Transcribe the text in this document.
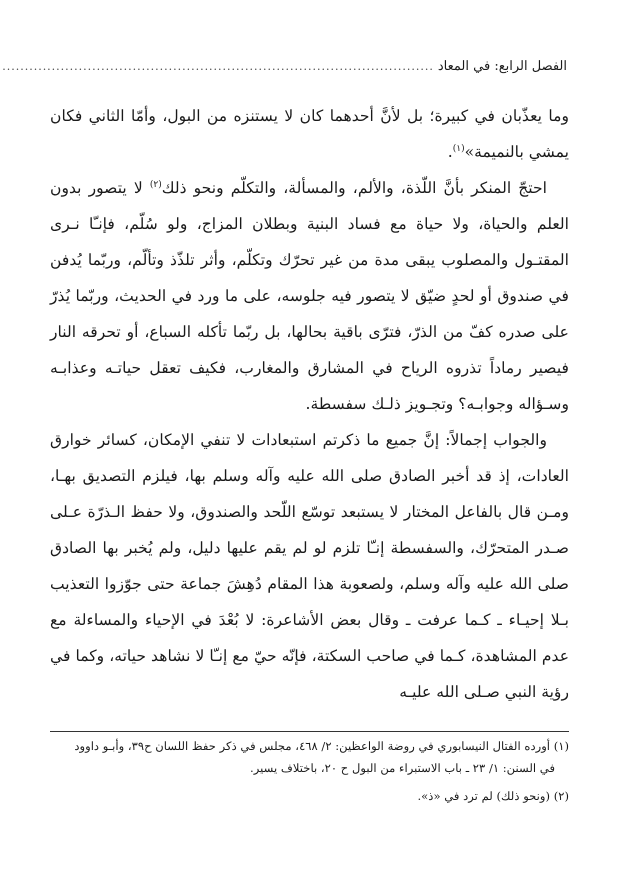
الفصل الرابع: في المعاد
................................................................................................

وما يعذّبان في كبيرة؛ بل لأنَّ أحدهما كان لا يستنزه من البول، وأمّا الثاني فكان يمشي بالنميمة»$^{(١)}$.

احتجّ المنكر بأنَّ اللّذة، والألم، والمسألة، والتكلّم ونحو ذلك$^{(٢)}$ لا يتصور بدون العلم والحياة، ولا حياة مع فساد البنية وبطلان المزاج، ولو سُلّم، فإنـّا نـرى المقتـول والمصلوب يبقى مدة من غير تحرّك وتكلّم، وأثر تلذّذ وتألّم، وربّما يُدفن في صندوق أو لحدٍ ضيّق لا يتصور فيه جلوسه، على ما ورد في الحديث، وربّما يُذرّ على صدره كفّ من الذرّ، فترّى باقية بحالها، بل ربّما تأكله السباع، أو تحرقه النار فيصير رماداً تذروه الرياح في المشارق والمغارب، فكيف تعقل حياتـه وعذابـه وسـؤاله وجوابـه؟ وتجـويز ذلـك سفسطة.

والجواب إجمالاً: إنَّ جميع ما ذكرتم استبعادات لا تنفي الإمكان، كسائر خوارق العادات، إذ قد أخبر الصادق صلى الله عليه وآله وسلم بها، فيلزم التصديق بهـا، ومـن قال بالفاعل المختار لا يستبعد توسّع اللّحد والصندوق، ولا حفظ الـذرّة عـلى صـدر المتحرّك، والسفسطة إنـّا تلزم لو لم يقم عليها دليل، ولم يُخبر بها الصادق صلى الله عليه وآله وسلم، ولصعوبة هذا المقام دُهِشَ جماعة حتى جوّزوا التعذيب بـلا إحيـاء ـ كـما عرفت ـ وقال بعض الأشاعرة: لا بُعْدَ في الإحياء والمساءلة مع عدم المشاهدة، كـما في صاحب السكتة، فإنّه حيّ مع إنـّا لا نشاهد حياته، وكما في رؤية النبي صـلى الله عليـه

(١) أورده الفتال النيسابوري في روضة الواعظين: ٢/ ٤٦٨، مجلس في ذكر حفظ اللسان ح٣٩، وأبـو داوود

في السنن: ١/ ٢٣ ـ باب الاستبراء من البول ح ٢٠، باختلاف يسير.

(٢) (ونحو ذلك) لم ترد في «ذ».
